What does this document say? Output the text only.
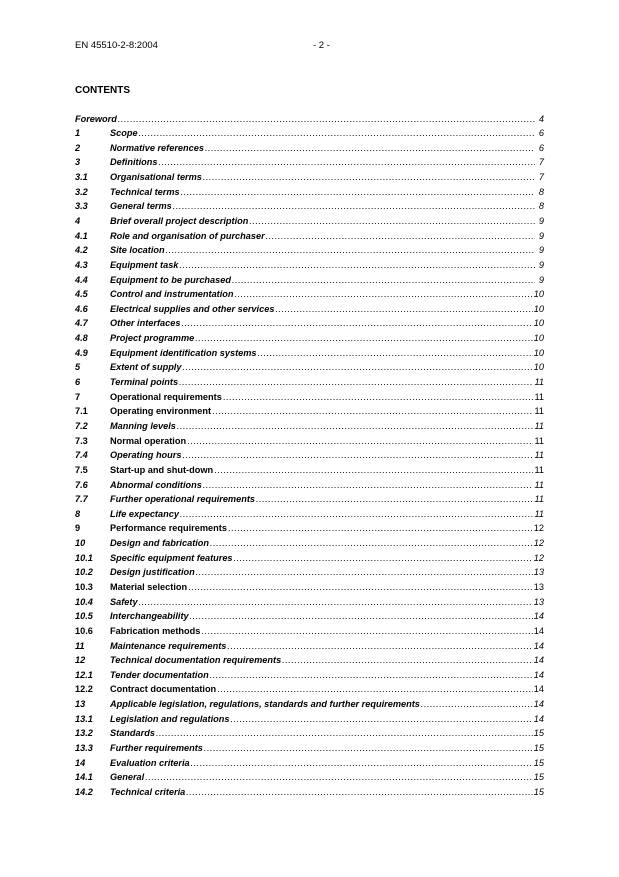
EN 45510-2-8:2004	- 2 -
CONTENTS
Foreword .....	4
1	Scope .....	6
2	Normative references .....	6
3	Definitions .....	7
3.1	Organisational terms .....	7
3.2	Technical terms .....	8
3.3	General terms .....	8
4	Brief overall project description .....	9
4.1	Role and organisation of purchaser .....	9
4.2	Site location .....	9
4.3	Equipment task .....	9
4.4	Equipment to be purchased .....	9
4.5	Control and instrumentation .....	10
4.6	Electrical supplies and other services .....	10
4.7	Other interfaces .....	10
4.8	Project programme .....	10
4.9	Equipment identification systems .....	10
5	Extent of supply .....	10
6	Terminal points .....	11
7	Operational requirements .....	11
7.1	Operating environment .....	11
7.2	Manning levels .....	11
7.3	Normal operation .....	11
7.4	Operating hours .....	11
7.5	Start-up and shut-down .....	11
7.6	Abnormal conditions .....	11
7.7	Further operational requirements .....	11
8	Life expectancy .....	11
9	Performance requirements .....	12
10	Design and fabrication .....	12
10.1	Specific equipment features .....	12
10.2	Design justification .....	13
10.3	Material selection .....	13
10.4	Safety .....	13
10.5	Interchangeability .....	14
10.6	Fabrication methods .....	14
11	Maintenance requirements .....	14
12	Technical documentation requirements .....	14
12.1	Tender documentation .....	14
12.2	Contract documentation .....	14
13	Applicable legislation, regulations, standards and further requirements .....	14
13.1	Legislation and regulations .....	14
13.2	Standards .....	15
13.3	Further requirements .....	15
14	Evaluation criteria .....	15
14.1	General .....	15
14.2	Technical criteria .....	15
